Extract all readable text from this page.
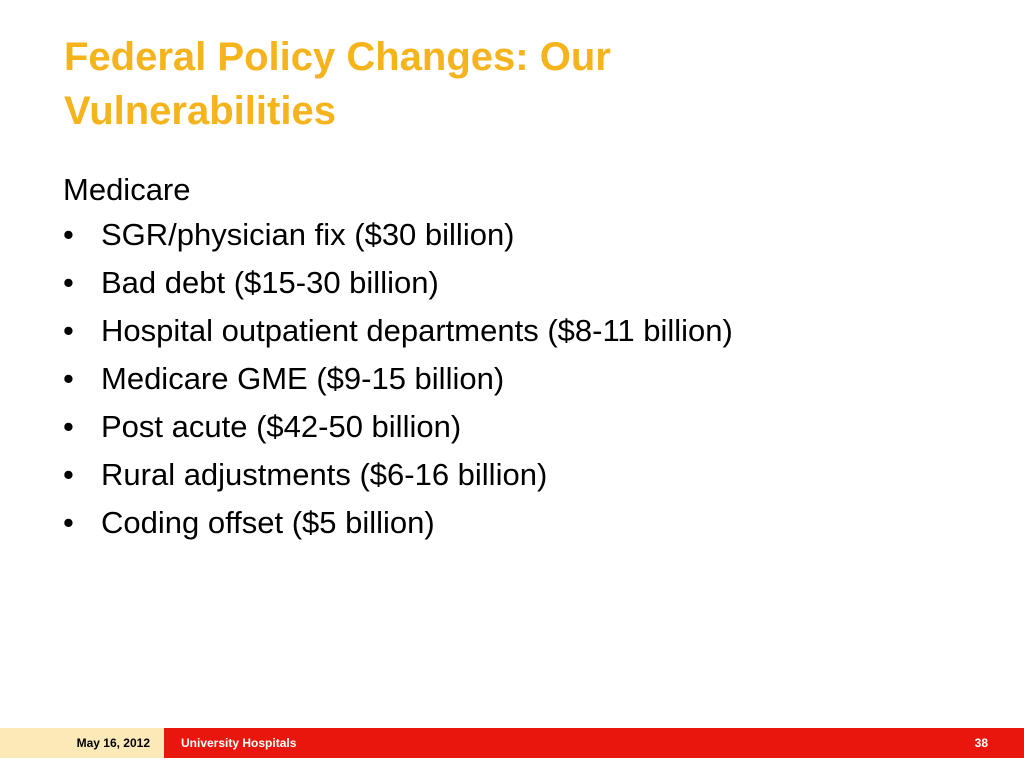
Federal Policy Changes: Our
Vulnerabilities
Medicare
• SGR/physician fix ($30 billion)
• Bad debt ($15-30 billion)
• Hospital outpatient departments ($8-11 billion)
• Medicare GME ($9-15 billion)
• Post acute ($42-50 billion)
• Rural adjustments ($6-16 billion)
• Coding offset ($5 billion)
May 16, 2012	University Hospitals	38
